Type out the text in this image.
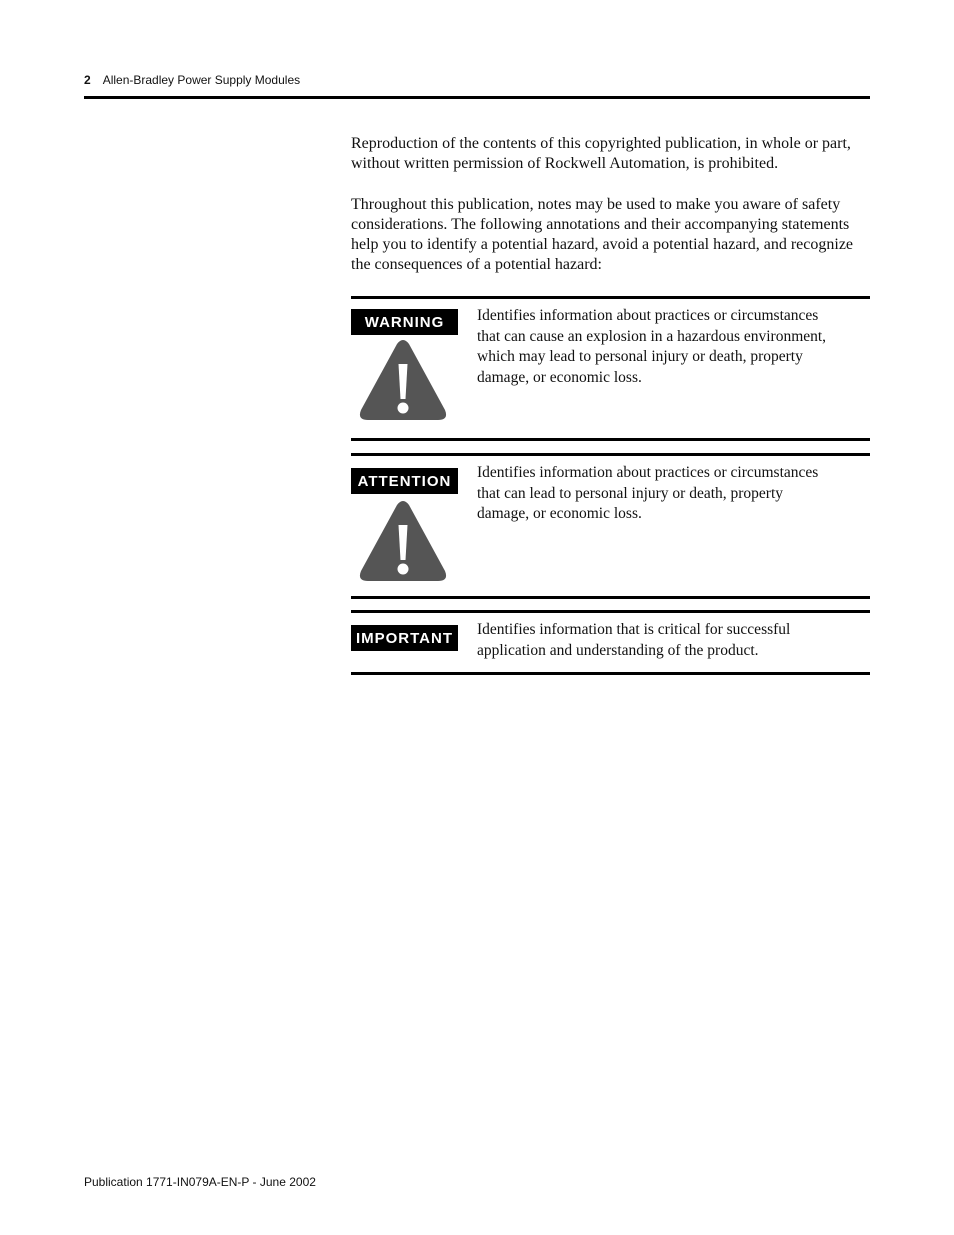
2 Allen-Bradley Power Supply Modules

Reproduction of the contents of this copyrighted publication, in whole or part, without written permission of Rockwell Automation, is prohibited.

Throughout this publication, notes may be used to make you aware of safety considerations. The following annotations and their accompanying statements help you to identify a potential hazard, avoid a potential hazard, and recognize the consequences of a potential hazard:

WARNING	Identifies information about practices or circumstances that can cause an explosion in a hazardous environment, which may lead to personal injury or death, property damage, or economic loss.
ATTENTION	Identifies information about practices or circumstances that can lead to personal injury or death, property damage, or economic loss.
IMPORTANT	Identifies information that is critical for successful application and understanding of the product.
Publication 1771-IN079A-EN-P - June 2002
